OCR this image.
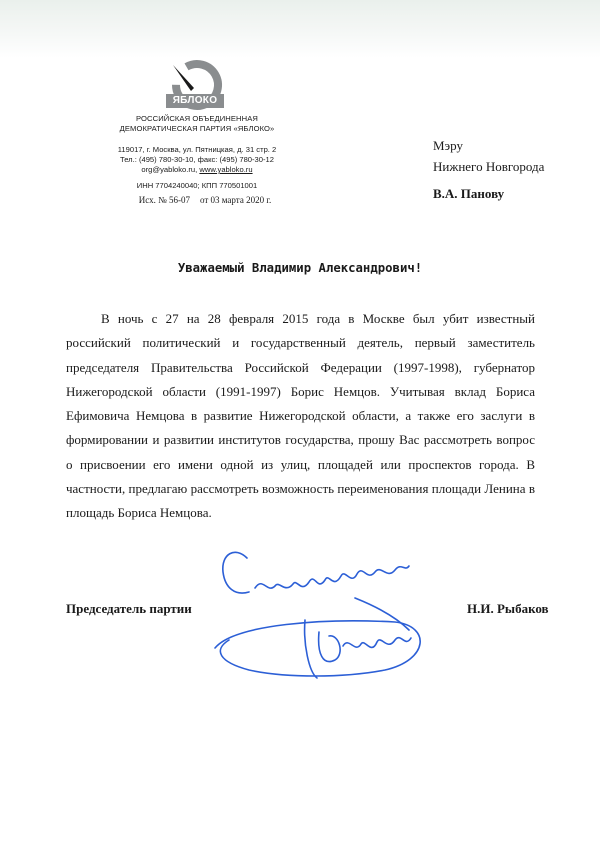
ЯБЛОКО
РОССИЙСКАЯ ОБЪЕДИНЕННАЯ
ДЕМОКРАТИЧЕСКАЯ ПАРТИЯ «ЯБЛОКО»
119017, г. Москва, ул. Пятницкая, д. 31 стр. 2
Тел.: (495) 780-30-10, факс: (495) 780-30-12
org@yabloko.ru, www.yabloko.ru
ИНН 7704240040; КПП 770501001
Исх. № 56-07 от 03 марта 2020 г.
Мэру
Нижнего Новгорода
В.А. Панову
Уважаемый Владимир Александрович!

В ночь с 27 на 28 февраля 2015 года в Москве был убит известный российский политический и государственный деятель, первый заместитель председателя Правительства Российской Федерации (1997-1998), губернатор Нижегородской области (1991-1997) Борис Немцов. Учитывая вклад Бориса Ефимовича Немцова в развитие Нижегородской области, а также его заслуги в формировании и развитии институтов государства, прошу Вас рассмотреть вопрос о присвоении его имени одной из улиц, площадей или проспектов города. В частности, предлагаю рассмотреть возможность переименования площади Ленина в площадь Бориса Немцова.

Председатель партии	Н.И. Рыбаков
